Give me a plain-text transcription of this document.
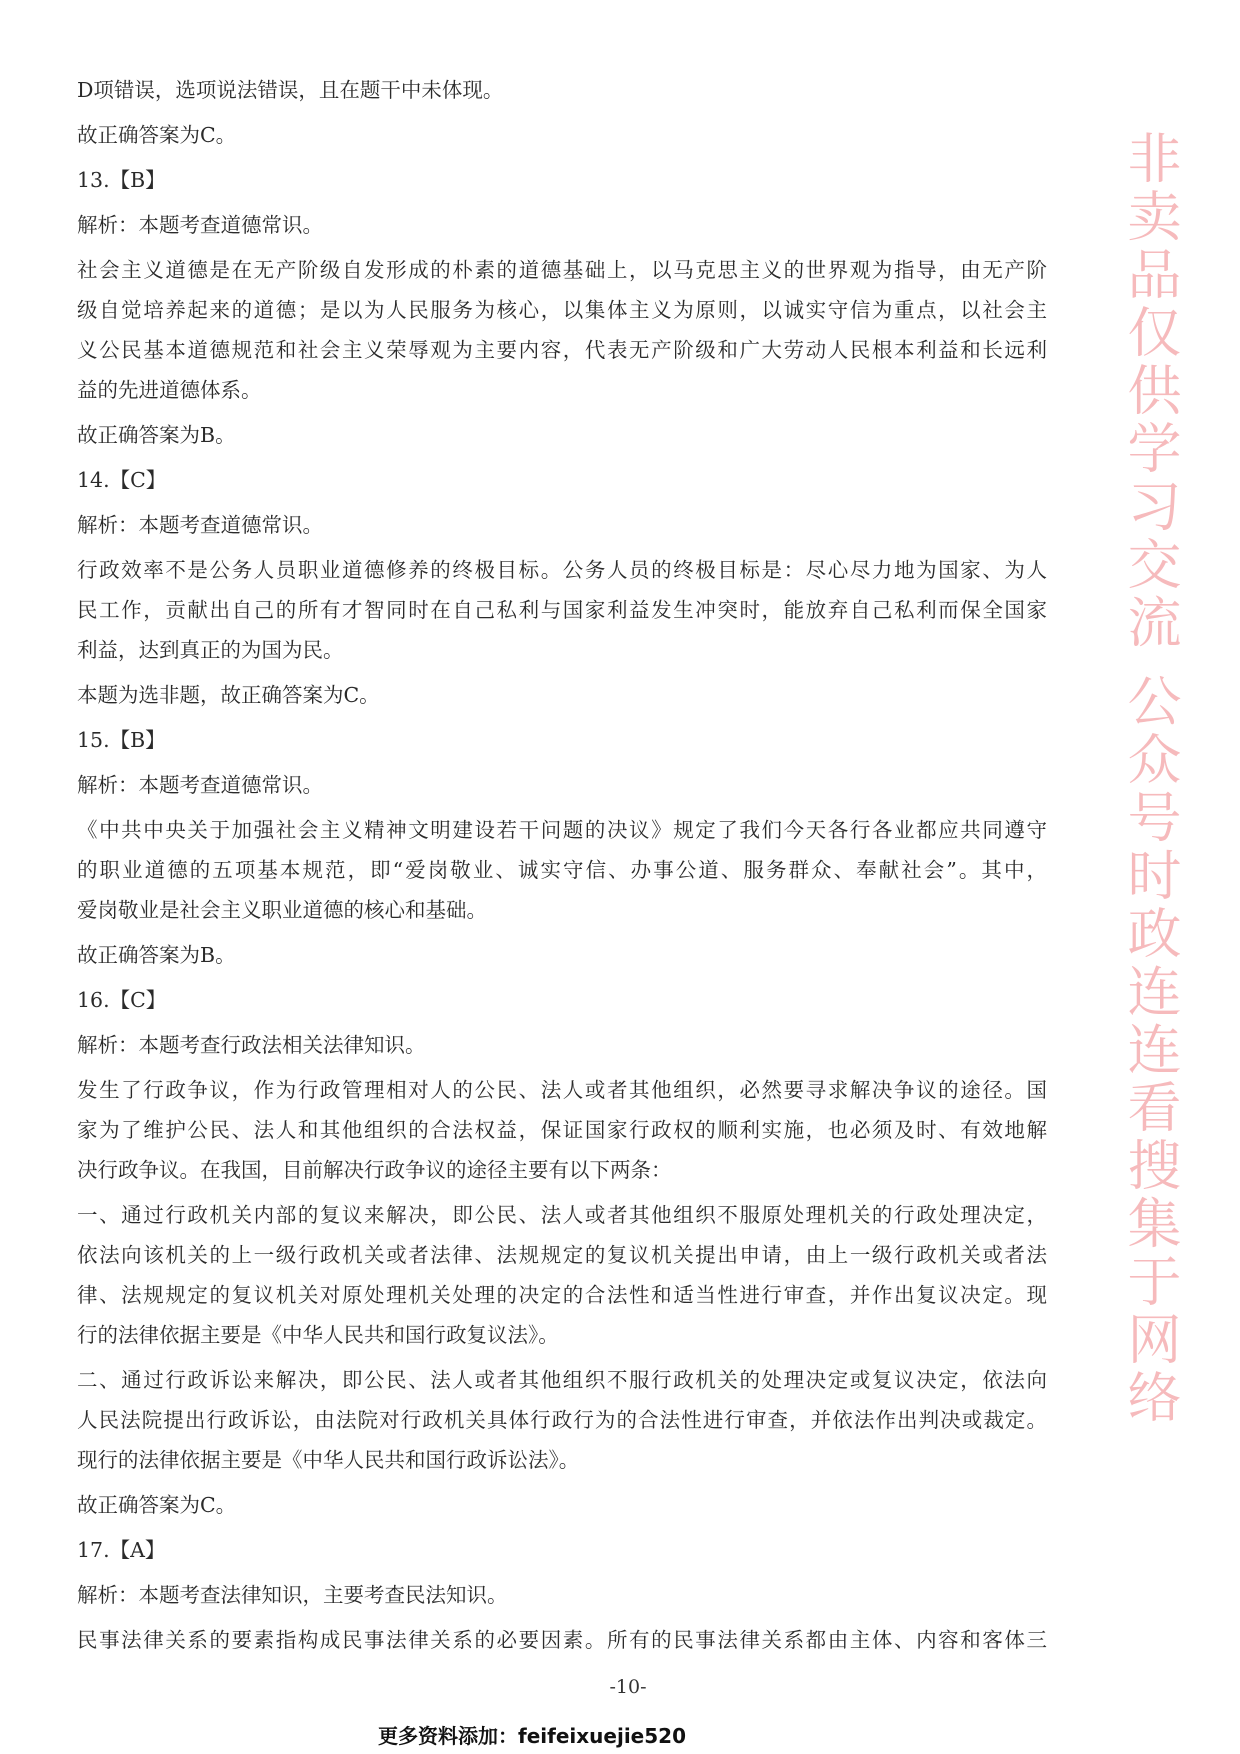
D项错误，选项说法错误，且在题干中未体现。
故正确答案为C。
13.【B】
解析：本题考查道德常识。
社会主义道德是在无产阶级自发形成的朴素的道德基础上，以马克思主义的世界观为指导，由无产阶
级自觉培养起来的道德；是以为人民服务为核心，以集体主义为原则，以诚实守信为重点，以社会主
义公民基本道德规范和社会主义荣辱观为主要内容，代表无产阶级和广大劳动人民根本利益和长远利
益的先进道德体系。
故正确答案为B。
14.【C】
解析：本题考查道德常识。
行政效率不是公务人员职业道德修养的终极目标。公务人员的终极目标是：尽心尽力地为国家、为人
民工作，贡献出自己的所有才智同时在自己私利与国家利益发生冲突时，能放弃自己私利而保全国家
利益，达到真正的为国为民。
本题为选非题，故正确答案为C。
15.【B】
解析：本题考查道德常识。
《中共中央关于加强社会主义精神文明建设若干问题的决议》规定了我们今天各行各业都应共同遵守
的职业道德的五项基本规范，即“爱岗敬业、诚实守信、办事公道、服务群众、奉献社会”。其中，
爱岗敬业是社会主义职业道德的核心和基础。
故正确答案为B。
16.【C】
解析：本题考查行政法相关法律知识。
发生了行政争议，作为行政管理相对人的公民、法人或者其他组织，必然要寻求解决争议的途径。国
家为了维护公民、法人和其他组织的合法权益，保证国家行政权的顺利实施，也必须及时、有效地解
决行政争议。在我国，目前解决行政争议的途径主要有以下两条：
一、通过行政机关内部的复议来解决，即公民、法人或者其他组织不服原处理机关的行政处理决定，
依法向该机关的上一级行政机关或者法律、法规规定的复议机关提出申请，由上一级行政机关或者法
律、法规规定的复议机关对原处理机关处理的决定的合法性和适当性进行审查，并作出复议决定。现
行的法律依据主要是《中华人民共和国行政复议法》。
二、通过行政诉讼来解决，即公民、法人或者其他组织不服行政机关的处理决定或复议决定，依法向
人民法院提出行政诉讼，由法院对行政机关具体行政行为的合法性进行审查，并依法作出判决或裁定。
现行的法律依据主要是《中华人民共和国行政诉讼法》。
故正确答案为C。
17.【A】
解析：本题考查法律知识，主要考查民法知识。
民事法律关系的要素指构成民事法律关系的必要因素。所有的民事法律关系都由主体、内容和客体三
-10-
更多资料添加：feifeixuejie520
非卖品仅供学习交流 公众号时政连连看搜集于网络
